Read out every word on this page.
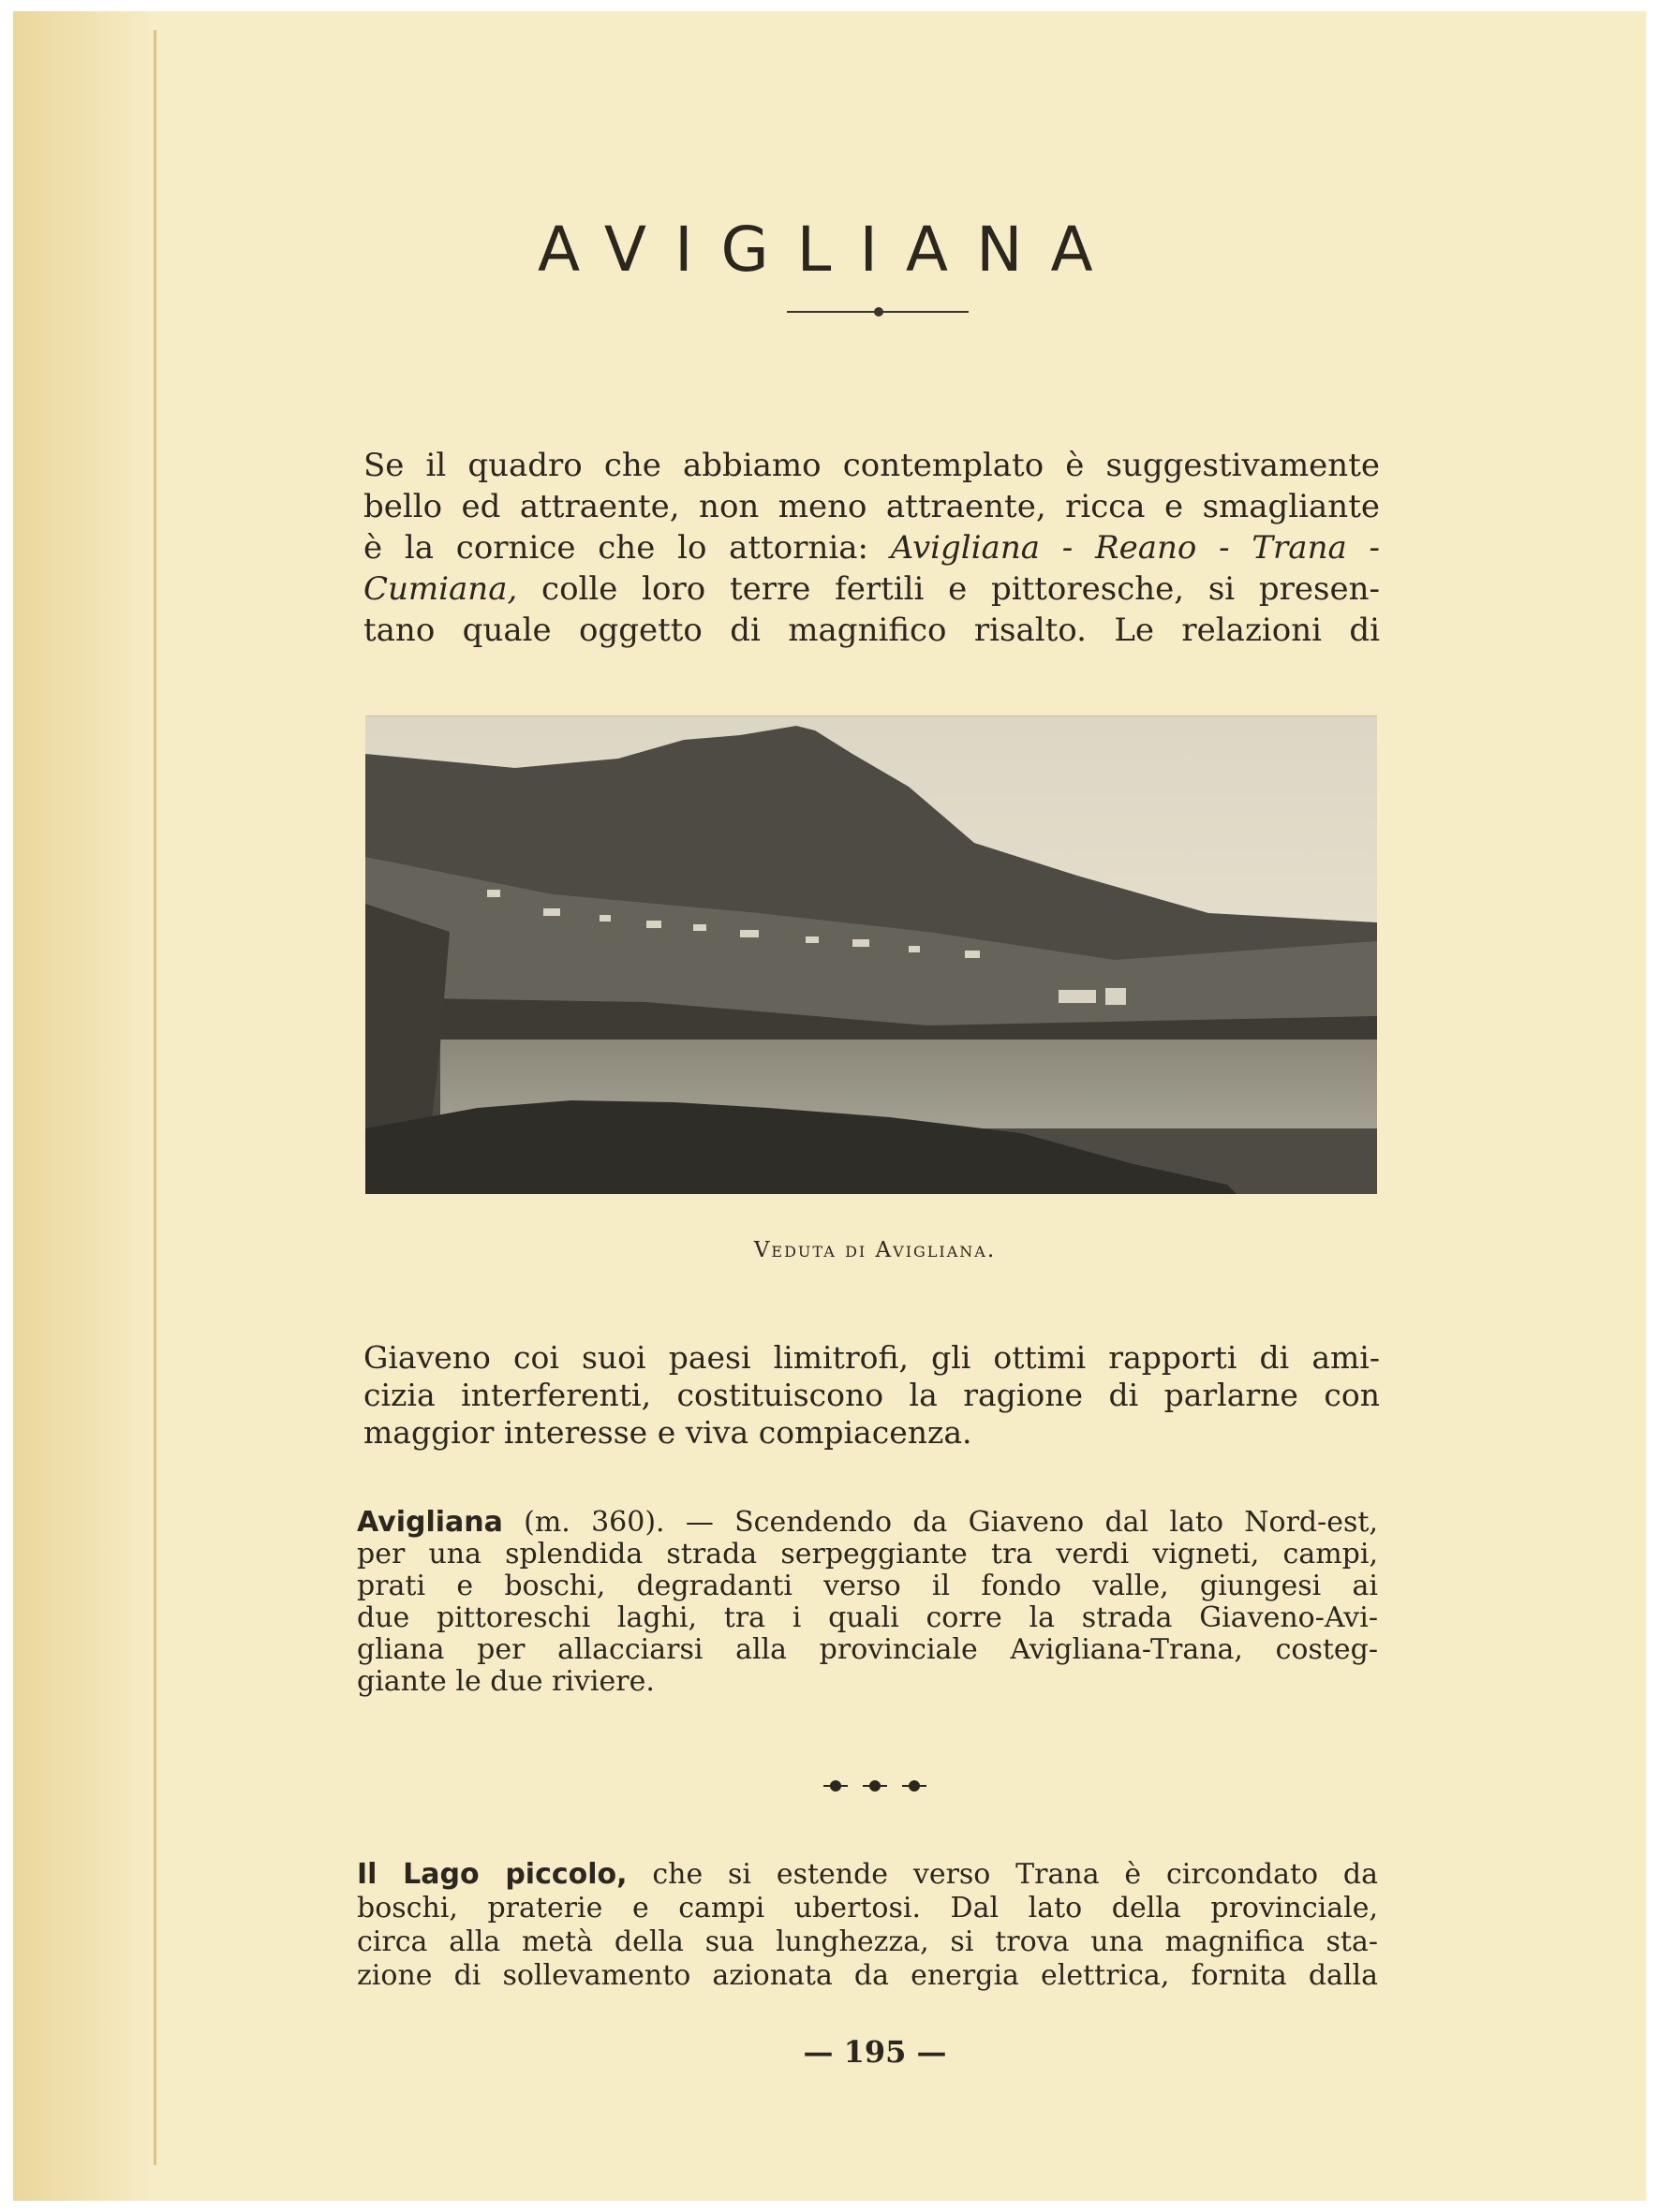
AVIGLIANA

Se il quadro che abbiamo contemplato è suggestivamente
bello ed attraente, non meno attraente, ricca e smagliante
è la cornice che lo attornia: Avigliana - Reano - Trana -
Cumiana, colle loro terre fertili e pittoresche, si presen-
tano quale oggetto di magnifico risalto. Le relazioni di

Veduta di Avigliana.

Giaveno coi suoi paesi limitrofi, gli ottimi rapporti di ami-
cizia interferenti, costituiscono la ragione di parlarne con
maggior interesse e viva compiacenza.

Avigliana (m. 360). — Scendendo da Giaveno dal lato Nord-est,
per una splendida strada serpeggiante tra verdi vigneti, campi,
prati e boschi, degradanti verso il fondo valle, giungesi ai
due pittoreschi laghi, tra i quali corre la strada Giaveno-Avi-
gliana per allacciarsi alla provinciale Avigliana-Trana, costeg-
giante le due riviere.

Il Lago piccolo, che si estende verso Trana è circondato da
boschi, praterie e campi ubertosi. Dal lato della provinciale,
circa alla metà della sua lunghezza, si trova una magnifica sta-
zione di sollevamento azionata da energia elettrica, fornita dalla

— 195 —
